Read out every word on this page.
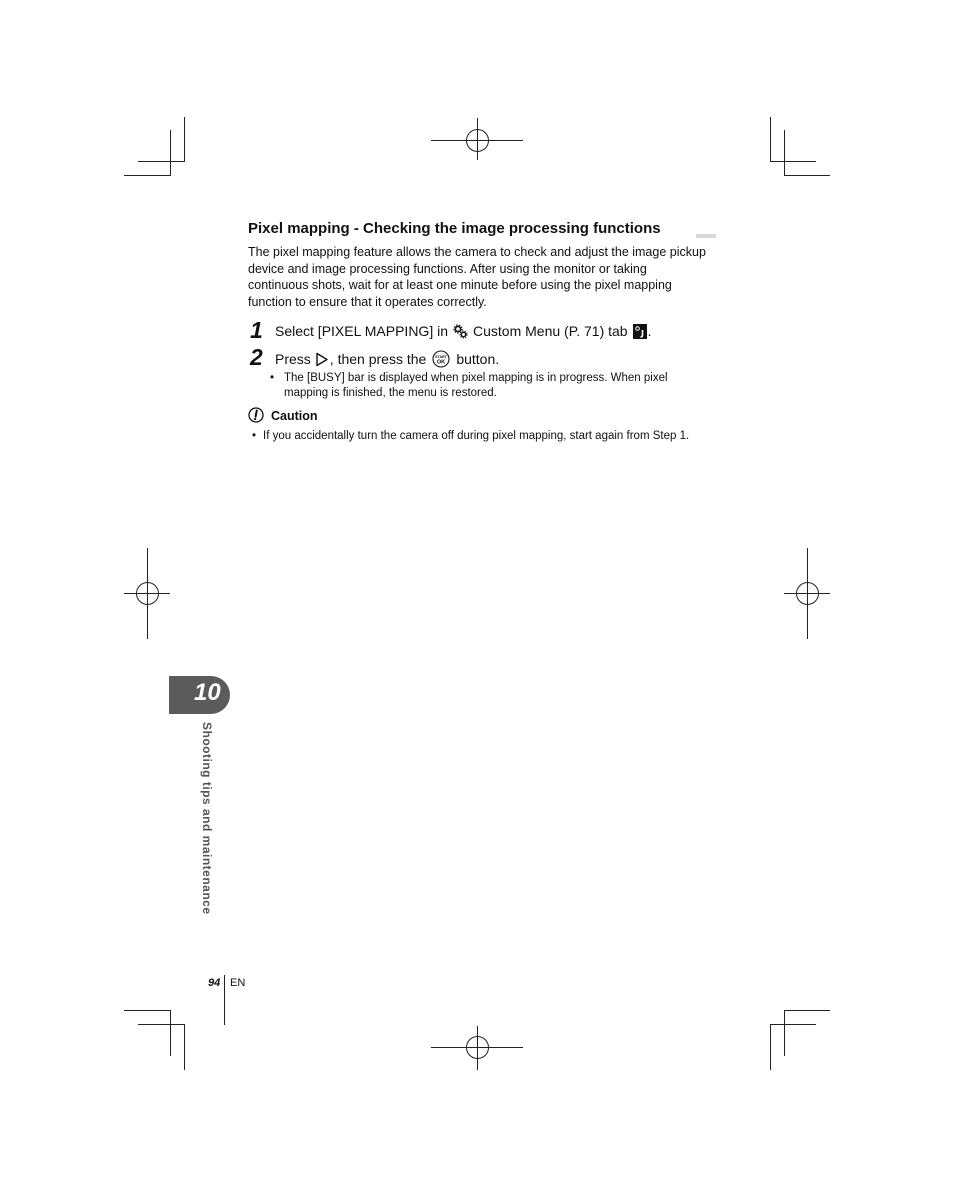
Pixel mapping - Checking the image processing functions
The pixel mapping feature allows the camera to check and adjust the image pickup device and image processing functions. After using the monitor or taking continuous shots, wait for at least one minute before using the pixel mapping function to ensure that it operates correctly.
1 Select [PIXEL MAPPING] in Custom Menu (P. 71) tab .
2 Press , then press the	START
OK button.
• The [BUSY] bar is displayed when pixel mapping is in progress. When pixel mapping is finished, the menu is restored.
Caution
• If you accidentally turn the camera off during pixel mapping, start again from Step 1.
10
Shooting tips and maintenance
94 EN
